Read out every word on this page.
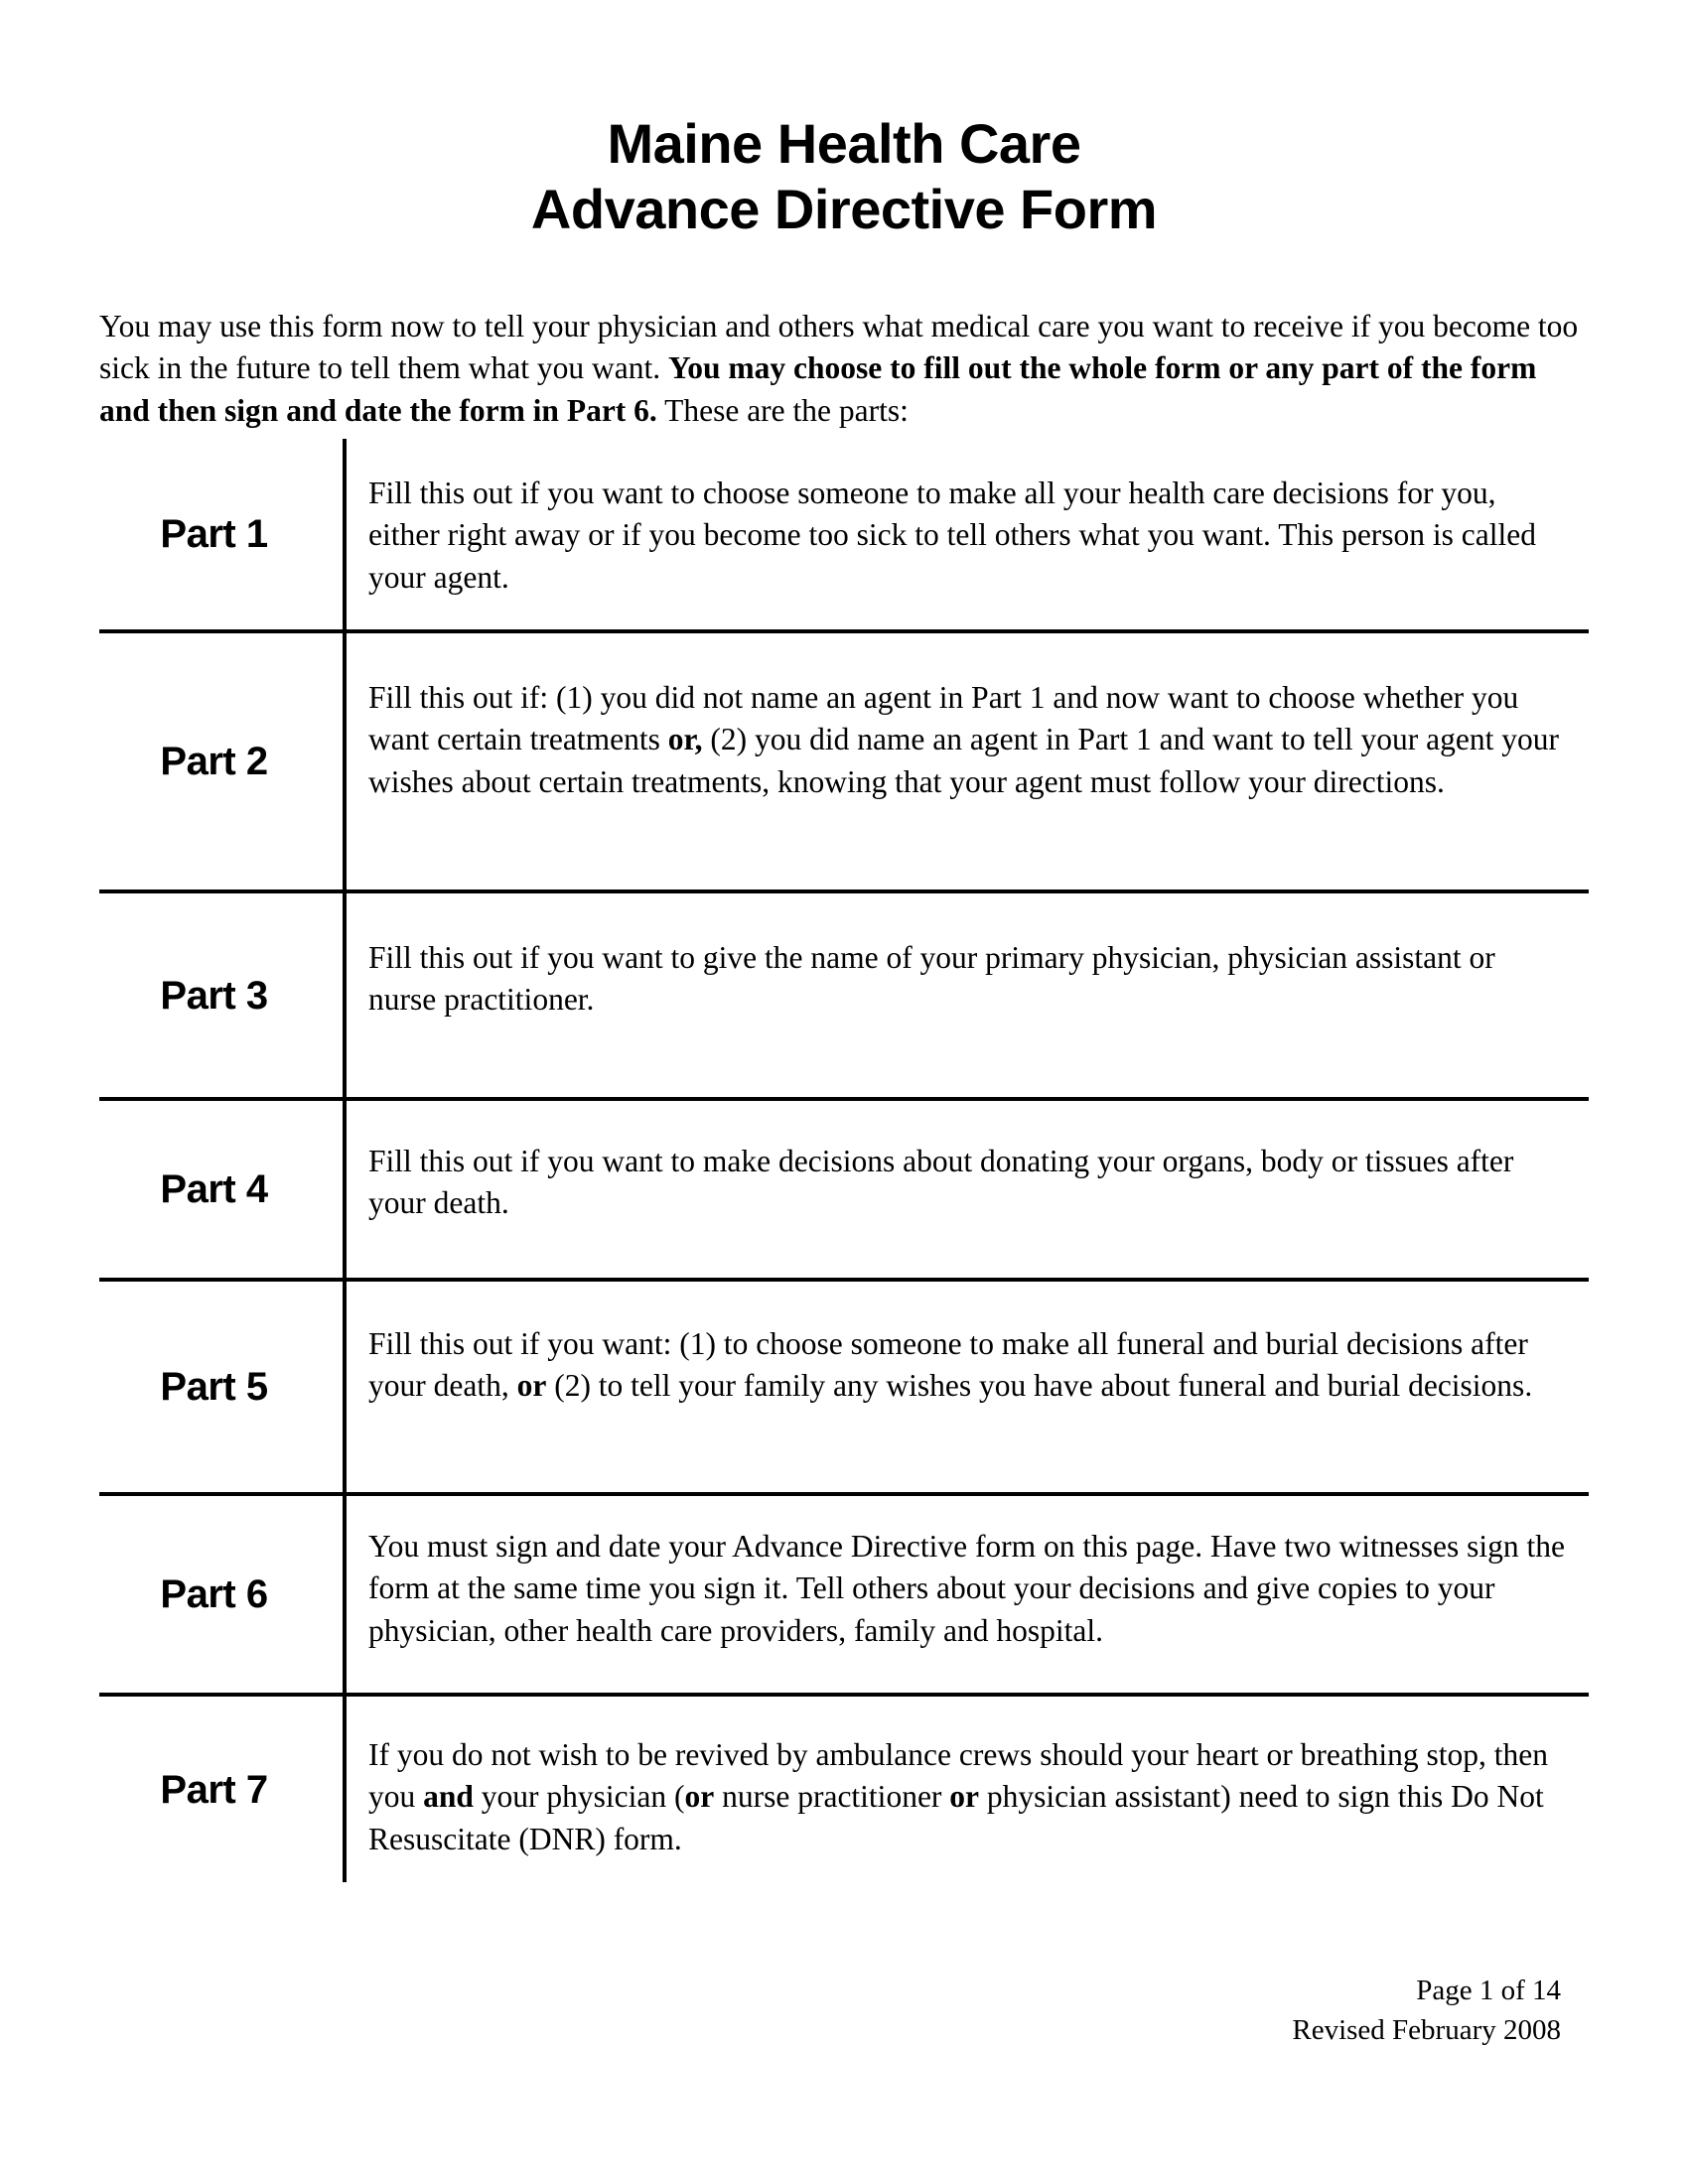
Maine Health Care
Advance Directive Form

You may use this form now to tell your physician and others what medical care you want to receive if you become too sick in the future to tell them what you want. You may choose to fill out the whole form or any part of the form and then sign and date the form in Part 6. These are the parts:

Part 1

Fill this out if you want to choose someone to make all your health care decisions for you, either right away or if you become too sick to tell others what you want. This person is called your agent.

Part 2

Fill this out if: (1) you did not name an agent in Part 1 and now want to choose whether you want certain treatments or, (2) you did name an agent in Part 1 and want to tell your agent your wishes about certain treatments, knowing that your agent must follow your directions.

Part 3

Fill this out if you want to give the name of your primary physician, physician assistant or nurse practitioner.

Part 4

Fill this out if you want to make decisions about donating your organs, body or tissues after your death.

Part 5

Fill this out if you want: (1) to choose someone to make all funeral and burial decisions after your death, or (2) to tell your family any wishes you have about funeral and burial decisions.

Part 6

You must sign and date your Advance Directive form on this page. Have two witnesses sign the form at the same time you sign it. Tell others about your decisions and give copies to your physician, other health care providers, family and hospital.

Part 7

If you do not wish to be revived by ambulance crews should your heart or breathing stop, then you and your physician (or nurse practitioner or physician assistant) need to sign this Do Not Resuscitate (DNR) form.

Page 1 of 14
Revised February 2008
